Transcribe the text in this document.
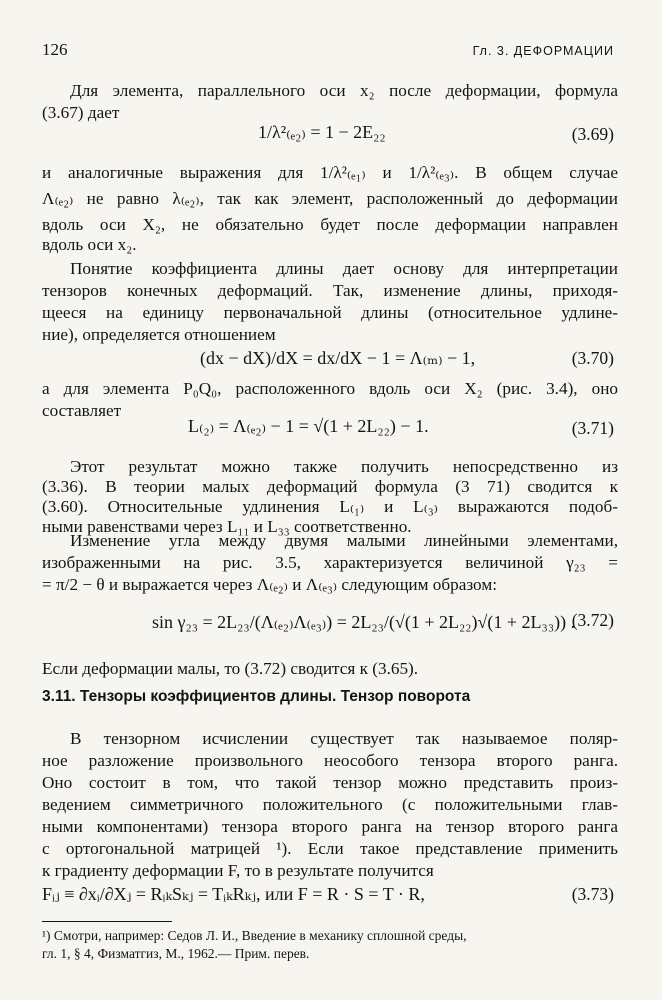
126	Гл. 3. ДЕФОРМАЦИИ
Для элемента, параллельного оси x₂ после деформации, формула
(3.67) дает
1/λ²₍ₑ₂₎ = 1 − 2E₂₂	(3.69)
и аналогичные выражения для 1/λ²₍ₑ₁₎ и 1/λ²₍ₑ₃₎. В общем случае
Λ₍ₑ₂₎ не равно λ₍ₑ₂₎, так как элемент, расположенный до деформации
вдоль оси X₂, не обязательно будет после деформации направлен
вдоль оси x₂.
Понятие коэффициента длины дает основу для интерпретации
тензоров конечных деформаций. Так, изменение длины, приходя-
щееся на единицу первоначальной длины (относительное удлине-
ние), определяется отношением
(dx − dX)/dX = dx/dX − 1 = Λ₍ₘ₎ − 1,	(3.70)
а для элемента P₀Q₀, расположенного вдоль оси X₂ (рис. 3.4), оно
составляет
L₍₂₎ = Λ₍ₑ₂₎ − 1 = √(1 + 2L₂₂) − 1.	(3.71)
Этот результат можно также получить непосредственно из
(3.36). В теории малых деформаций формула (3 71) сводится к
(3.60). Относительные удлинения L₍₁₎ и L₍₃₎ выражаются подоб-
ными равенствами через L₁₁ и L₃₃ соответственно.
Изменение угла между двумя малыми линейными элементами,
изображенными на рис. 3.5, характеризуется величиной γ₂₃ =
= π/2 − θ и выражается через Λ₍ₑ₂₎ и Λ₍ₑ₃₎ следующим образом:
sin γ₂₃ = 2L₂₃/(Λ₍ₑ₂₎Λ₍ₑ₃₎) = 2L₂₃/(√(1 + 2L₂₂)√(1 + 2L₃₃)) .
(3.72)
Если деформации малы, то (3.72) сводится к (3.65).
3.11. Тензоры коэффициентов длины. Тензор поворота
В тензорном исчислении существует так называемое поляр-
ное разложение произвольного неособого тензора второго ранга.
Оно состоит в том, что такой тензор можно представить произ-
ведением симметричного положительного (с положительными глав-
ными компонентами) тензора второго ранга на тензор второго ранга
с ортогональной матрицей ¹). Если такое представление применить
к градиенту деформации F, то в результате получится
Fᵢⱼ ≡ ∂xᵢ/∂Xⱼ = RᵢₖSₖⱼ = TᵢₖRₖⱼ, или F = R · S = T · R,	(3.73)
¹) Смотри, например: Седов Л. И., Введение в механику сплошной среды,
гл. 1, § 4, Физматгиз, М., 1962.— Прим. перев.
